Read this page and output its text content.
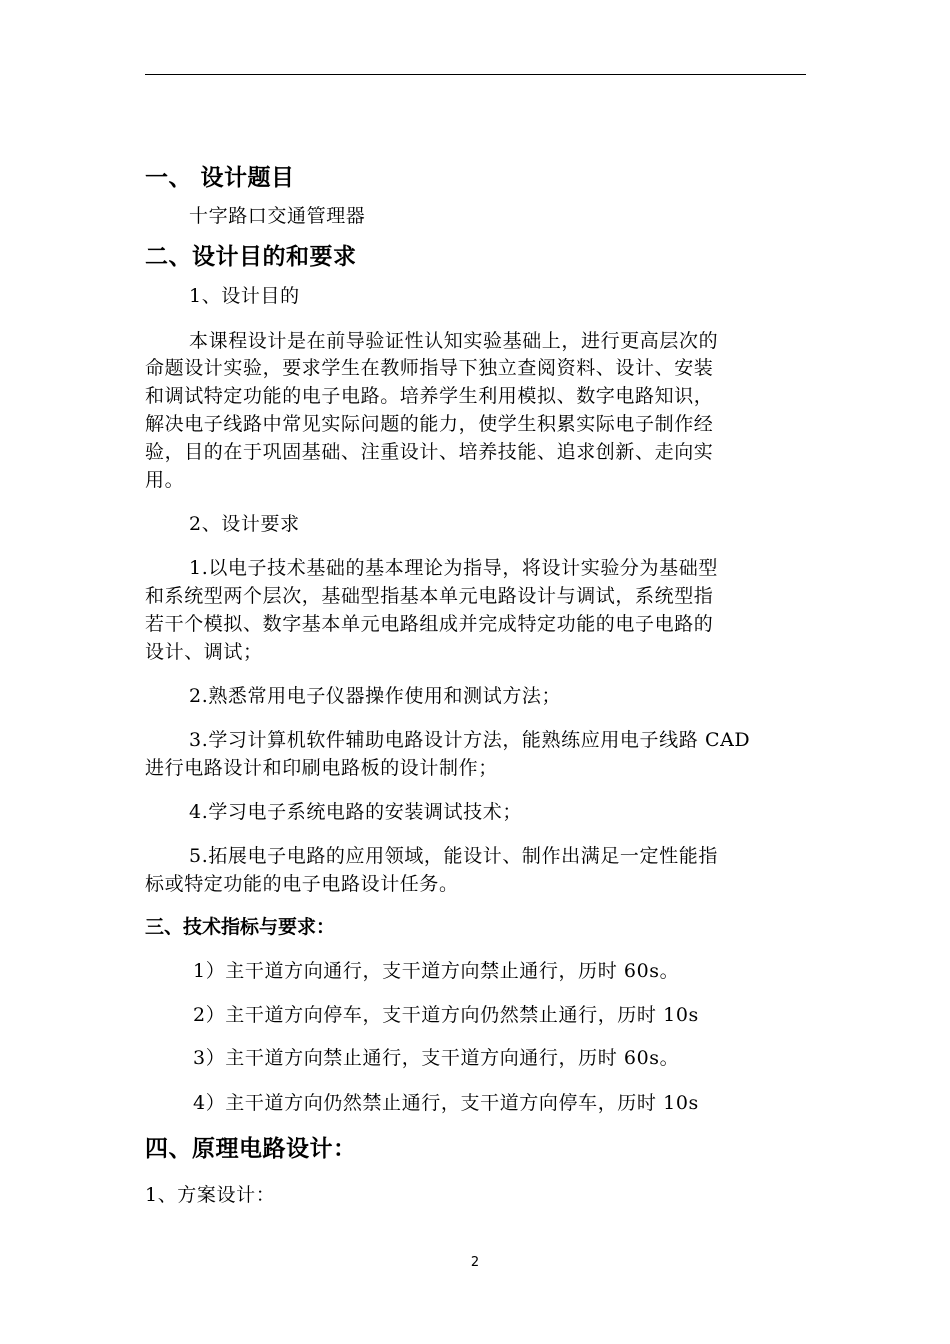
一、 设计题目
十字路口交通管理器
二、设计目的和要求
1、设计目的
本课程设计是在前导验证性认知实验基础上，进行更高层次的
命题设计实验，要求学生在教师指导下独立查阅资料、设计、安装
和调试特定功能的电子电路。培养学生利用模拟、数字电路知识，
解决电子线路中常见实际问题的能力，使学生积累实际电子制作经
验，目的在于巩固基础、注重设计、培养技能、追求创新、走向实
用。
2、设计要求
1.以电子技术基础的基本理论为指导，将设计实验分为基础型
和系统型两个层次，基础型指基本单元电路设计与调试，系统型指
若干个模拟、数字基本单元电路组成并完成特定功能的电子电路的
设计、调试；
2.熟悉常用电子仪器操作使用和测试方法；
3.学习计算机软件辅助电路设计方法，能熟练应用电子线路 CAD
进行电路设计和印刷电路板的设计制作；
4.学习电子系统电路的安装调试技术；
5.拓展电子电路的应用领域，能设计、制作出满足一定性能指
标或特定功能的电子电路设计任务。
三、技术指标与要求：
1）主干道方向通行，支干道方向禁止通行，历时 60s。
2）主干道方向停车，支干道方向仍然禁止通行，历时 10s
3）主干道方向禁止通行，支干道方向通行，历时 60s。
4）主干道方向仍然禁止通行，支干道方向停车，历时 10s
四、原理电路设计：
1、方案设计：
2
